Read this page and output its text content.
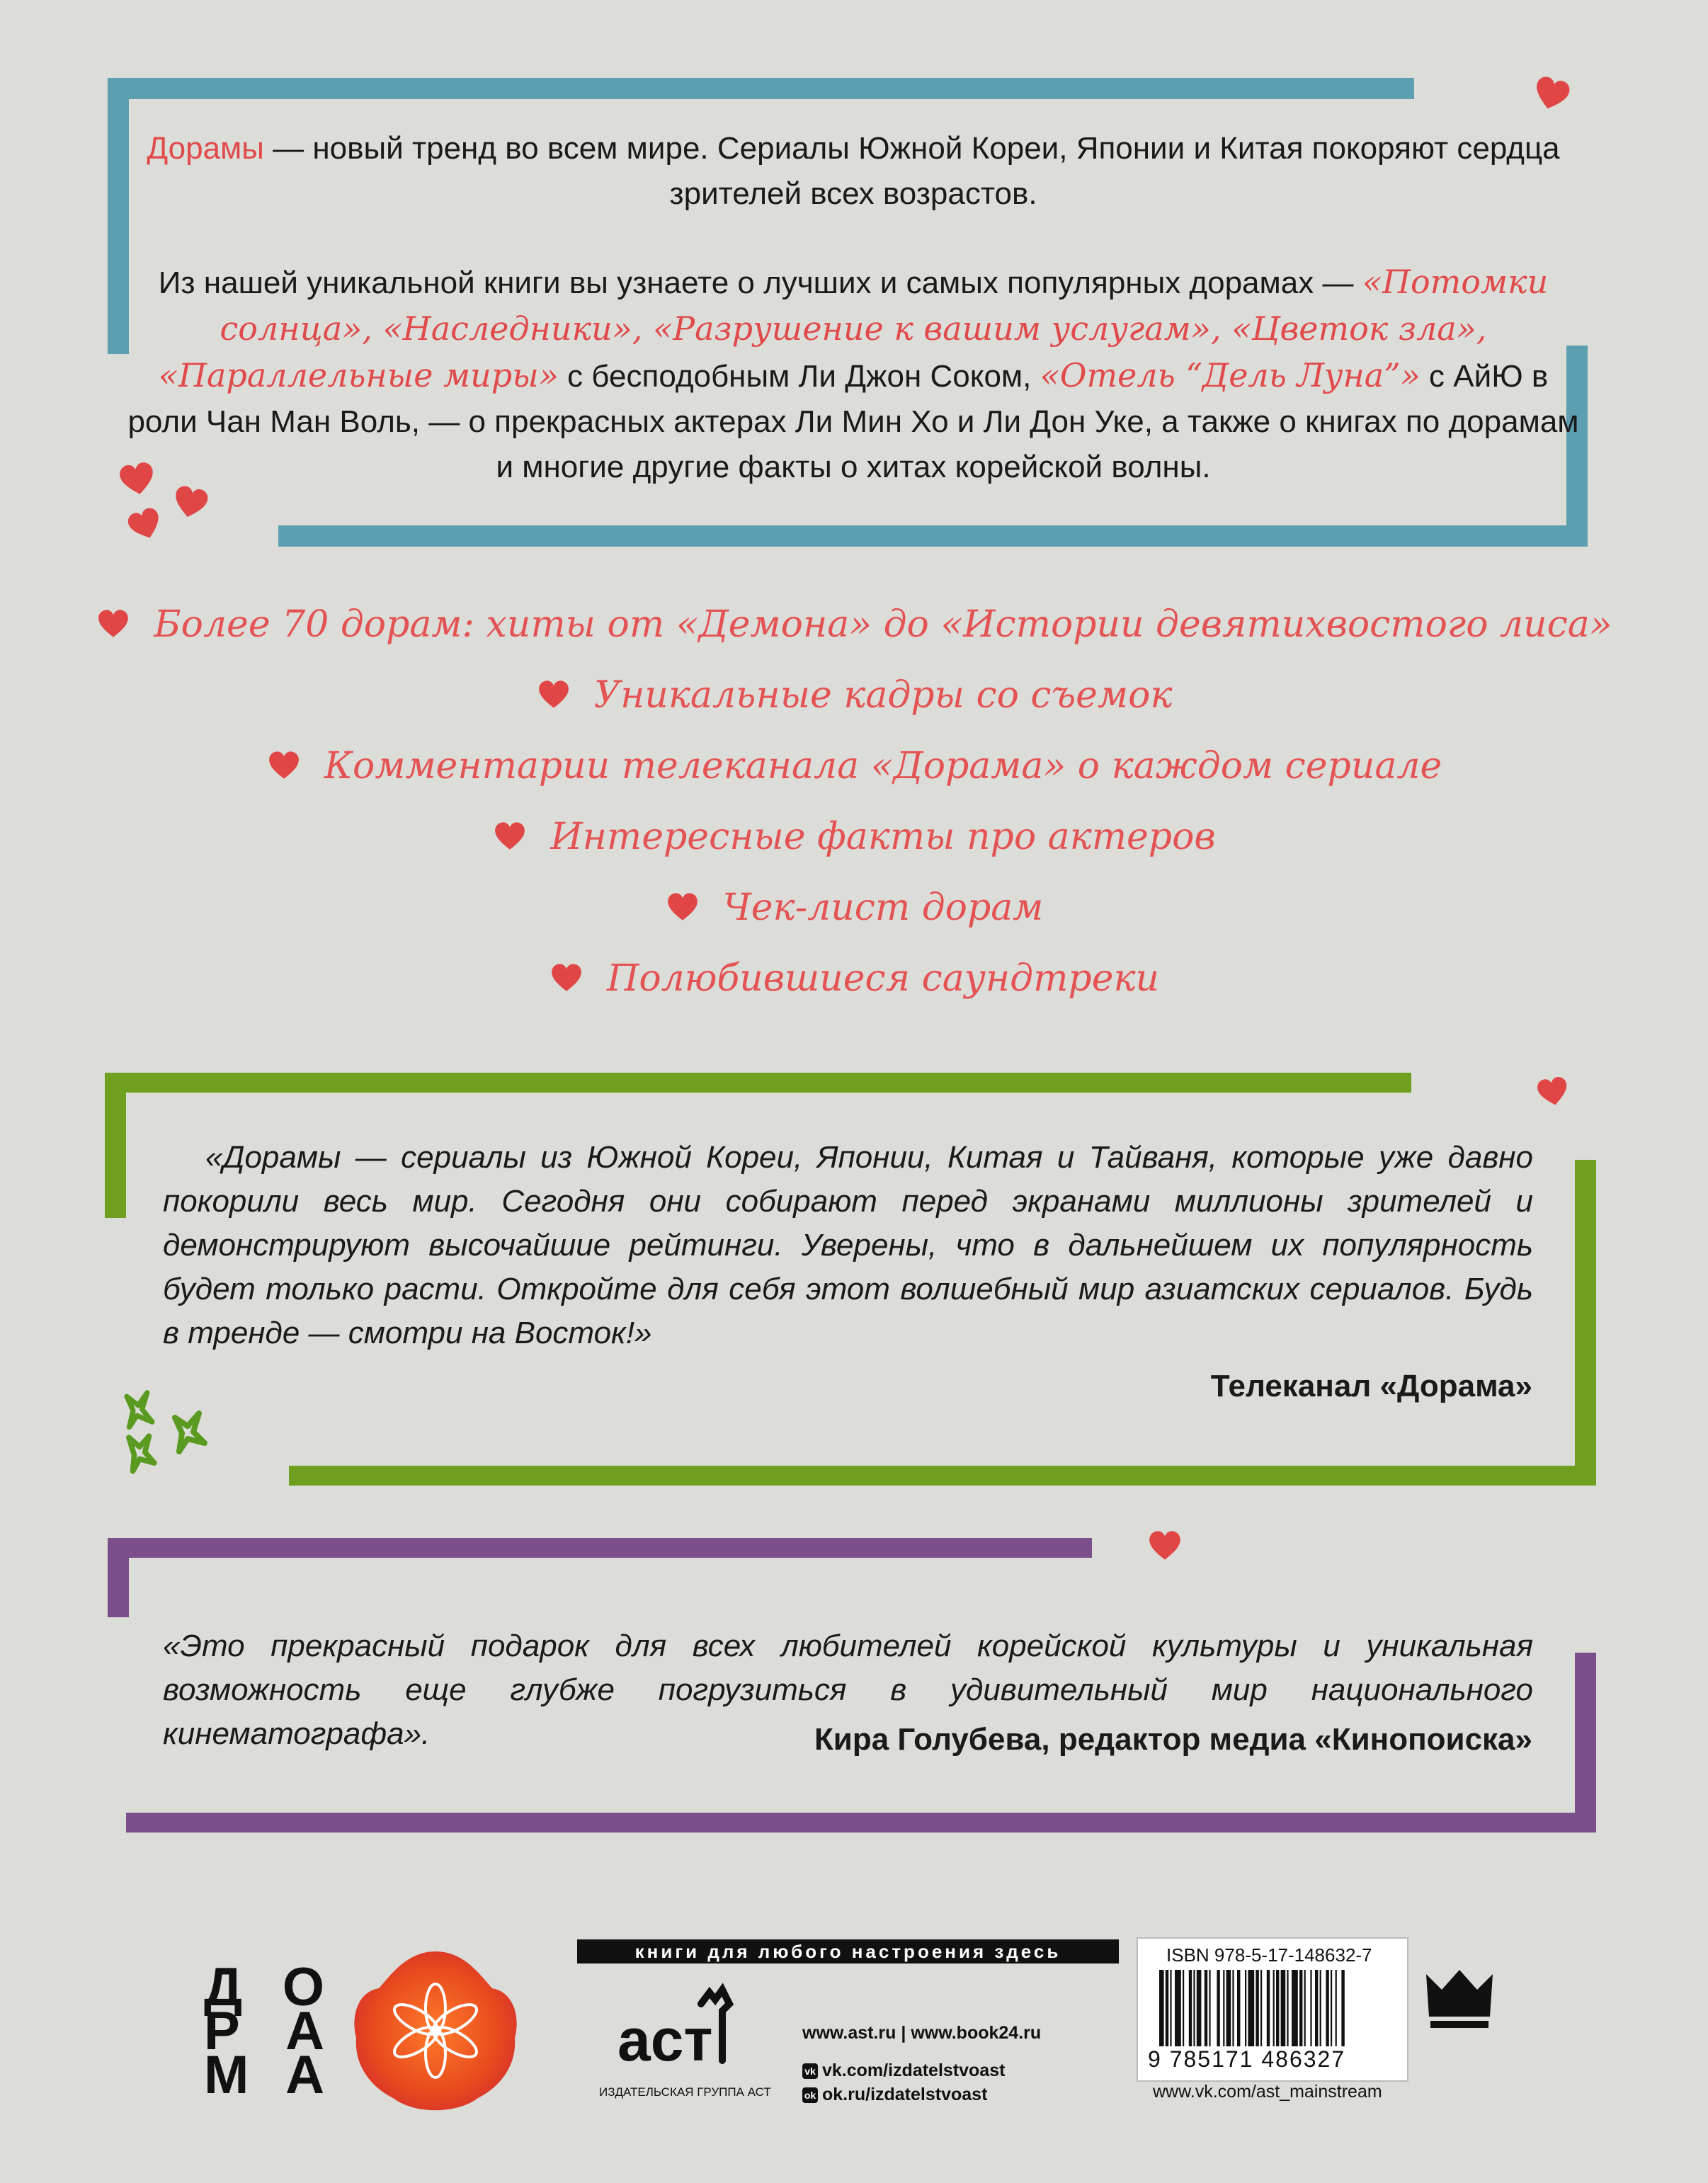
Дорамы — новый тренд во всем мире. Сериалы Южной Кореи, Японии и Китая покоряют сердца зрителей всех возрастов.
Из нашей уникальной книги вы узнаете о лучших и самых популярных дорамах — «Потомки солнца», «Наследники», «Разрушение к вашим услугам», «Цветок зла», «Параллельные миры» с бесподобным Ли Джон Соком, «Отель “Дель Луна”» с АйЮ в роли Чан Ман Воль, — о прекрасных актерах Ли Мин Хо и Ли Дон Уке, а также о книгах по дорамам и многие другие факты о хитах корейской волны.
Более 70 дорам: хиты от «Демона» до «Истории девятихвостого лиса»
Уникальные кадры со съемок
Комментарии телеканала «Дорама» о каждом сериале
Интересные факты про актеров
Чек-лист дорам
Полюбившиеся саундтреки
«Дорамы — сериалы из Южной Кореи, Японии, Китая и Тайваня, которые уже давно покорили весь мир. Сегодня они собирают перед экранами миллионы зрителей и демонстрируют высочайшие рейтинги. Уверены, что в дальнейшем их популярность будет только расти. Откройте для себя этот волшебный мир азиатских сериалов. Будь в тренде — смотри на Восток!»
Телеканал «Дорама»
«Это прекрасный подарок для всех любителей корейской культуры и уникальная возможность еще глубже погрузиться в удивительный мир национального кинематографа».	Кира Голубева, редактор медиа «Кинопоиска»
ДО
РА
МА
книги для любого настроения здесь
аст
ИЗДАТЕЛЬСКАЯ ГРУППА АСТ
www.ast.ru | www.book24.ru
vk vk.com/izdatelstvoast
ok ok.ru/izdatelstvoast
ISBN 978-5-17-148632-7
9 785171 486327
www.vk.com/ast_mainstream
